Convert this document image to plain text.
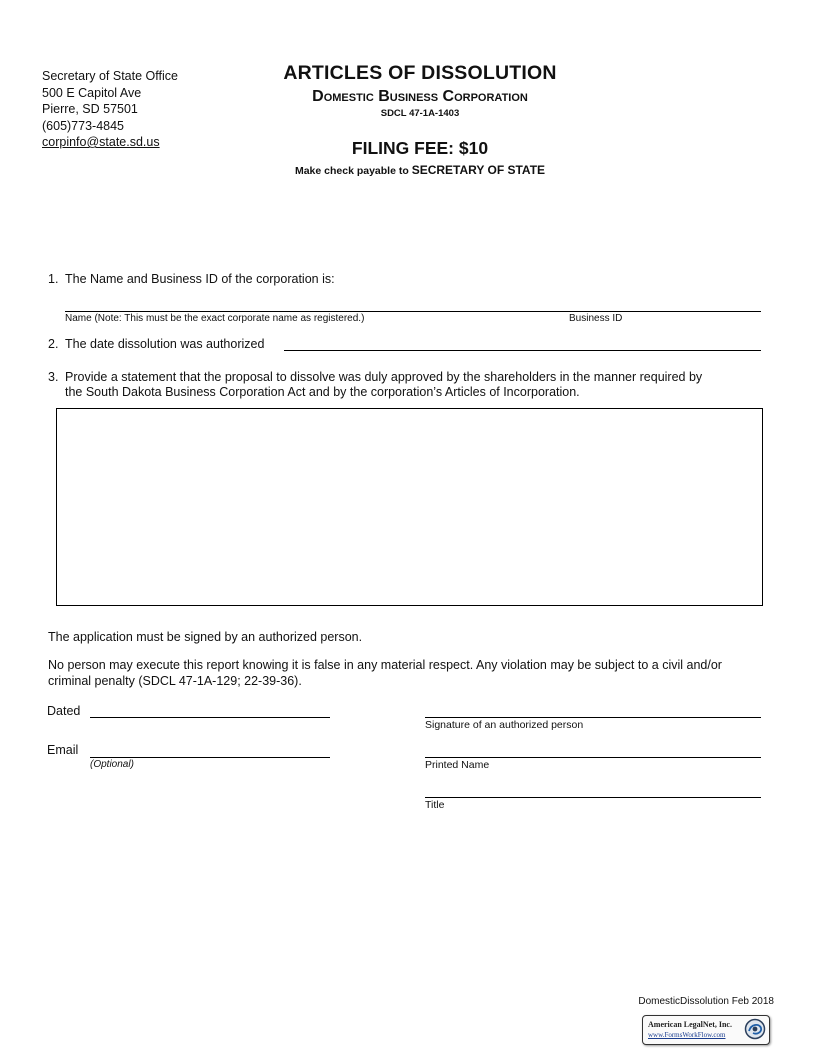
Secretary of State Office
500 E Capitol Ave
Pierre, SD 57501
(605)773-4845
corpinfo@state.sd.us
ARTICLES OF DISSOLUTION
Domestic Business Corporation
SDCL 47-1A-1403
FILING FEE: $10
Make check payable to SECRETARY OF STATE
1. The Name and Business ID of the corporation is:
Name (Note: This must be the exact corporate name as registered.)	Business ID
2. The date dissolution was authorized
3. Provide a statement that the proposal to dissolve was duly approved by the shareholders in the manner required by
the South Dakota Business Corporation Act and by the corporation’s Articles of Incorporation.
The application must be signed by an authorized person.
No person may execute this report knowing it is false in any material respect. Any violation may be subject to a civil and/or
criminal penalty (SDCL 47-1A-129; 22-39-36).
Dated
Email
(Optional)
Signature of an authorized person
Printed Name
Title
DomesticDissolution Feb 2018
American LegalNet, Inc.
www.FormsWorkFlow.com
